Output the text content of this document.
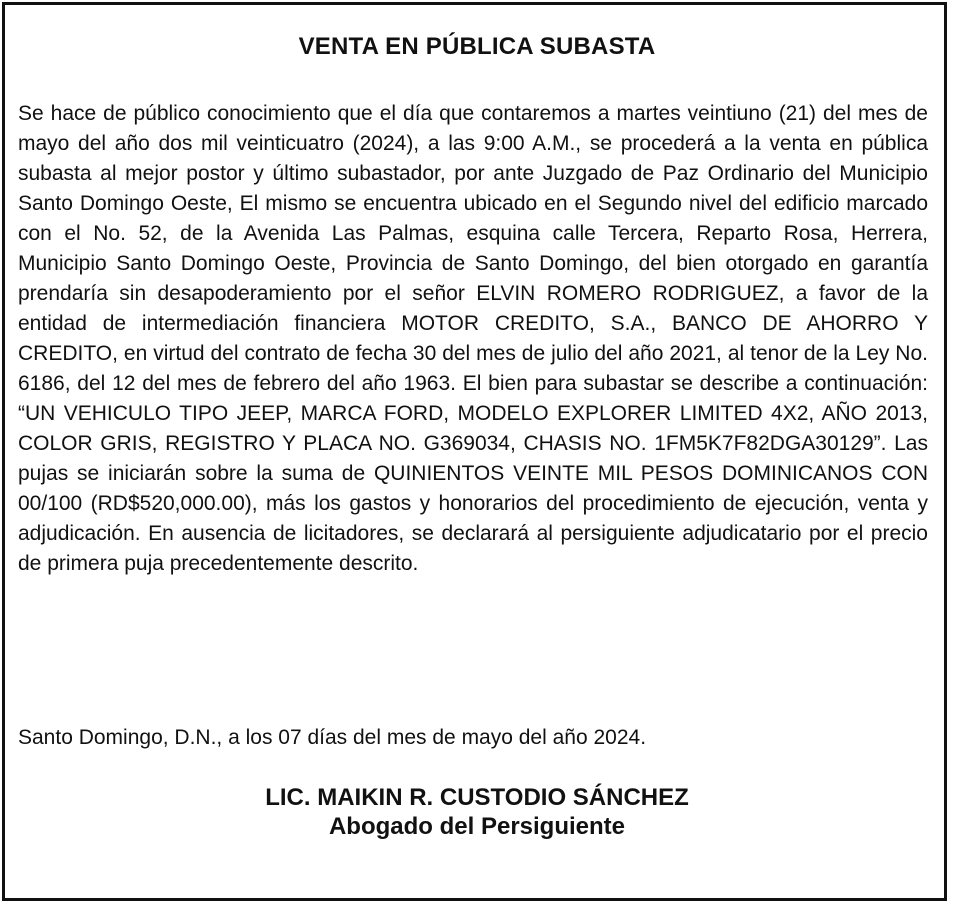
VENTA EN PÚBLICA SUBASTA

Se hace de público conocimiento que el día que contaremos a martes veintiuno (21) del mes de mayo del año dos mil veinticuatro (2024), a las 9:00 A.M., se procederá a la venta en pública subasta al mejor postor y último subastador, por ante Juzgado de Paz Ordinario del Municipio Santo Domingo Oeste, El mismo se encuentra ubicado en el Segundo nivel del edificio marcado con el No. 52, de la Avenida Las Palmas, esquina calle Tercera, Reparto Rosa, Herrera, Municipio Santo Domingo Oeste, Provincia de Santo Domingo, del bien otorgado en garantía prendaría sin desapoderamiento por el señor ELVIN ROMERO RODRIGUEZ, a favor de la entidad de intermediación financiera MOTOR CREDITO, S.A., BANCO DE AHORRO Y CREDITO, en virtud del contrato de fecha 30 del mes de julio del año 2021, al tenor de la Ley No. 6186, del 12 del mes de febrero del año 1963. El bien para subastar se describe a continuación: “UN VEHICULO TIPO JEEP, MARCA FORD, MODELO EXPLORER LIMITED 4X2, AÑO 2013, COLOR GRIS, REGISTRO Y PLACA NO. G369034, CHASIS NO. 1FM5K7F82DGA30129”. Las pujas se iniciarán sobre la suma de QUINIENTOS VEINTE MIL PESOS DOMINICANOS CON 00/100 (RD$520,000.00), más los gastos y honorarios del procedimiento de ejecución, venta y adjudicación. En ausencia de licitadores, se declarará al persiguiente adjudicatario por el precio de primera puja precedentemente descrito.

Santo Domingo, D.N., a los 07 días del mes de mayo del año 2024.

LIC. MAIKIN R. CUSTODIO SÁNCHEZ
Abogado del Persiguiente
